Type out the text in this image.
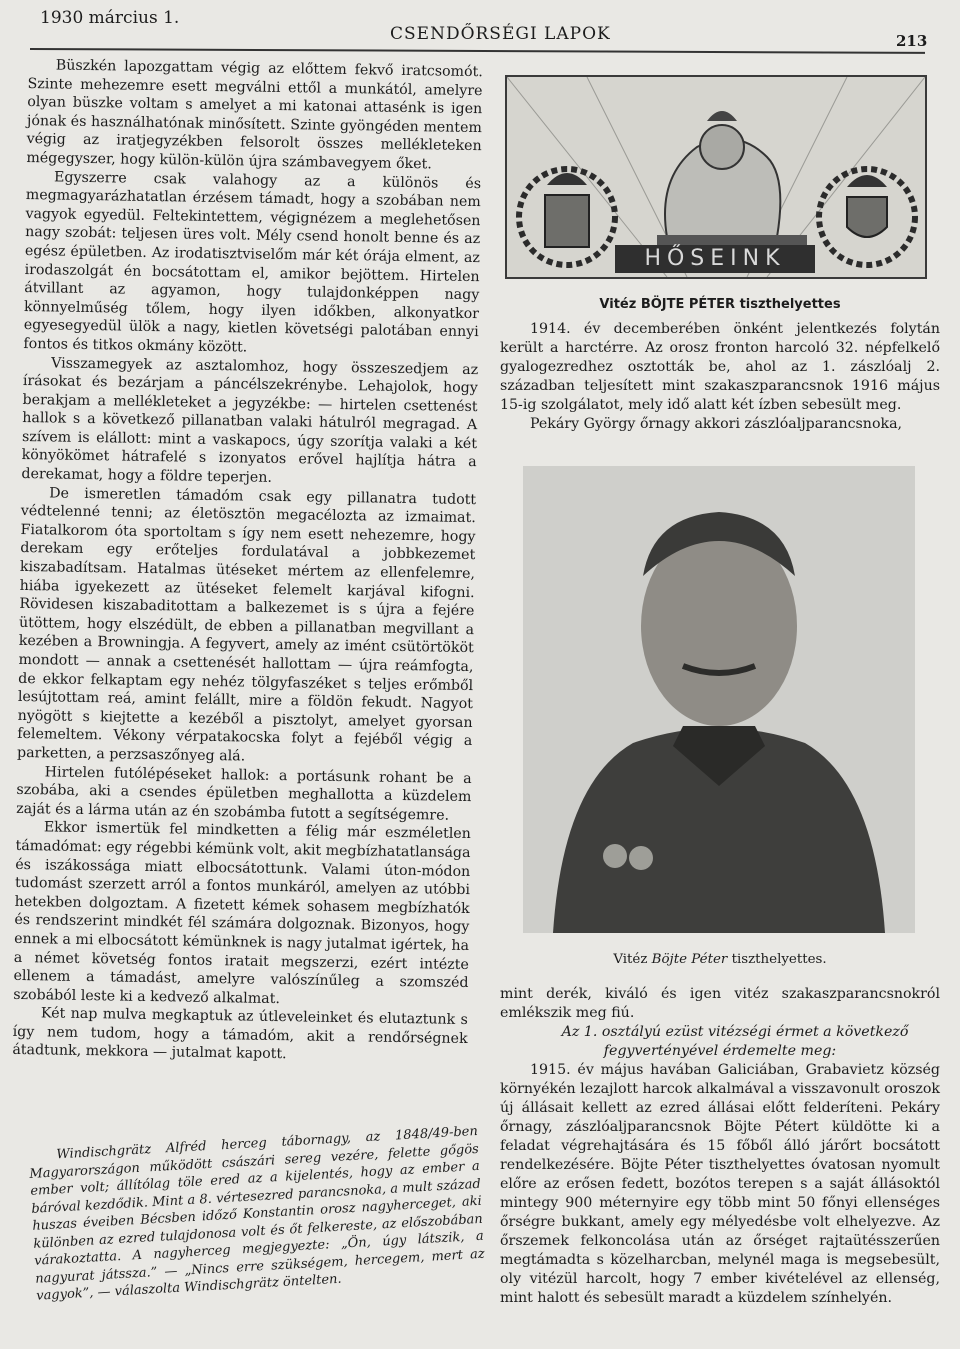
1930 március 1.
CSENDŐRSÉGI LAPOK	213

Büszkén lapozgattam végig az előttem fekvő iratcsomót. Szinte mehezemre esett megválni ettől a munkától, amelyre olyan büszke voltam s amelyet a mi katonai attasénk is igen jónak és használhatónak minősített. Szinte gyöngéden mentem végig az iratjegyzékben felsorolt összes mellékleteken mégegyszer, hogy külön-külön újra számbavegyem őket.

Egyszerre csak valahogy az a különös és megmagyarázhatatlan érzésem támadt, hogy a szobában nem vagyok egyedül. Feltekintettem, végignézem a meglehetősen nagy szobát: teljesen üres volt. Mély csend honolt benne és az egész épületben. Az irodatisztviselőm már két órája elment, az irodaszolgát én bocsátottam el, amikor bejöttem. Hirtelen átvillant az agyamon, hogy tulajdonképpen nagy könnyelműség tőlem, hogy ilyen időkben, alkonyatkor egyesegyedül ülök a nagy, kietlen követségi palotában ennyi fontos és titkos okmány között.

Visszamegyek az asztalomhoz, hogy összeszedjem az írásokat és bezárjam a páncélszekrénybe. Lehajolok, hogy berakjam a mellékleteket a jegyzékbe: — hirtelen csettenést hallok s a következő pillanatban valaki hátulról megragad. A szívem is elállott: mint a vaskapocs, úgy szorítja valaki a két könyökömet hátrafelé s izonyatos erővel hajlítja hátra a derekamat, hogy a földre teperjen.

De ismeretlen támadóm csak egy pillanatra tudott védtelenné tenni; az életösztön megacélozta az izmaimat. Fiatalkorom óta sportoltam s így nem esett nehezemre, hogy derekam egy erőteljes fordulatával a jobbkezemet kiszabadítsam. Hatalmas ütéseket mértem az ellenfelemre, hiába igyekezett az ütéseket felemelt karjával kifogni. Rövidesen kiszabaditottam a balkezemet is s újra a fejére ütöttem, hogy elszédült, de ebben a pillanatban megvillant a kezében a Browningja. A fegyvert, amely az imént csütörtököt mondott — annak a csettenését hallottam — újra reámfogta, de ekkor felkaptam egy nehéz tölgyfaszéket s teljes erőmből lesújtottam reá, amint felállt, mire a földön fekudt. Nagyot nyögött s kiejtette a kezéből a pisztolyt, amelyet gyorsan felemeltem. Vékony vérpatakocska folyt a fejéből végig a parketten, a perzsaszőnyeg alá.

Hirtelen futólépéseket hallok: a portásunk rohant be a szobába, aki a csendes épületben meghallotta a küzdelem zaját és a lárma után az én szobámba futott a segítségemre.

Ekkor ismertük fel mindketten a félig már eszméletlen támadómat: egy régebbi kémünk volt, akit megbízhatatlansága és iszákossága miatt elbocsátottunk. Valami úton-módon tudomást szerzett arról a fontos munkáról, amelyen az utóbbi hetekben dolgoztam. A fizetett kémek sohasem megbízhatók és rendszerint mindkét fél számára dolgoznak. Bizonyos, hogy ennek a mi elbocsátott kémünknek is nagy jutalmat igértek, ha a német követség fontos iratait megszerzi, ezért intézte ellenem a támadást, amelyre valószínűleg a szomszéd szobából leste ki a kedvező alkalmat.

Két nap mulva megkaptuk az útleveleinket és elutaztunk s így nem tudom, hogy a támadóm, akit a rendőrségnek átadtunk, mekkora — jutalmat kapott.

Windischgrätz Alfréd herceg tábornagy, az 1848/49-ben Magyarországon működött császári sereg vezére, felette gőgös ember volt; állítólag töle ered az a kijelentés, hogy az ember a báróval kezdődik. Mint a 8. vértesezred parancsnoka, a mult század huszas éveiben Bécsben időző Konstantin orosz nagyherceget, aki különben az ezred tulajdonosa volt és őt felkereste, az előszobában várakoztatta. A nagyherceg megjegyezte: „Ön, úgy látszik, a nagyurat játssza.” — „Nincs erre szükségem, hercegem, mert az vagyok”, — válaszolta Windischgrätz öntelten.

HŐSEINK
Vitéz BÖJTE PÉTER tiszthelyettes

1914. év decemberében önként jelentkezés folytán került a harctérre. Az orosz fronton harcoló 32. népfelkelő gyalogezredhez osztották be, ahol az 1. zászlóalj 2. században teljesített mint szakaszparancsnok 1916 május 15-ig szolgálatot, mely idő alatt két ízben sebesült meg.

Pekáry György őrnagy akkori zászlóaljparancsnoka,

Vitéz Böjte Péter tiszthelyettes.

mint derék, kiváló és igen vitéz szakaszparancsnokról emlékszik meg fiú.

Az 1. osztályú ezüst vitézségi érmet a következő fegyvertényével érdemelte meg:

1915. év május havában Galiciában, Grabavietz község környékén lezajlott harcok alkalmával a visszavonult oroszok új állásait kellett az ezred állásai előtt felderíteni. Pekáry őrnagy, zászlóaljparancsnok Böjte Pétert küldötte ki a feladat végrehajtására és 15 főből álló járőrt bocsátott rendelkezésére. Böjte Péter tiszthelyettes óvatosan nyomult előre az erősen fedett, bozótos terepen s a saját állásoktól mintegy 900 méternyire egy több mint 50 főnyi ellenséges őrségre bukkant, amely egy mélyedésbe volt elhelyezve. Az őrszemek felkoncolása után az őrséget rajtaütésszerűen megtámadta s közelharcban, melynél maga is megsebesült, oly vitézül harcolt, hogy 7 ember kivételével az ellenség, mint halott és sebesült maradt a küzdelem színhelyén.
